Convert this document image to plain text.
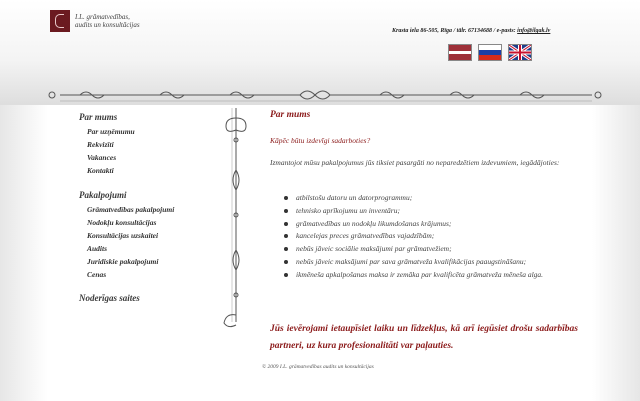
I.L. grāmatvedības,
audits un konsultācijas
Krasta iela 86-505, Rīga / tālr. 67134688 / e-pasts: info@ilgak.lv
Par mums
Par uzņēmumu
Rekvizīti
Vakances
Kontakti
Pakalpojumi
Grāmatvedības pakalpojumi
Nodokļu konsultācijas
Konsultācijas uzskaitei
Audits
Juridiskie pakalpojumi
Cenas
Noderīgas saites
Par mums
Kāpēc būtu izdevīgi sadarboties?
Izmantojot mūsu pakalpojumus jūs tiksiet pasargāti no neparedzētiem izdevumiem, iegādājoties:
atbilstošu datoru un datorprogrammu;
tehnisko aprīkojumu un inventāru;
grāmatvedības un nodokļu likumdošanas krājumus;
kancelejas preces grāmatvedības vajadzībām;
nebūs jāveic sociālie maksājumi par grāmatvežiem;
nebūs jāveic maksājumi par sava grāmatveža kvalifikācijas paaugstināšanu;
ikmēneša apkalpošanas maksa ir zemāka par kvalificēta grāmatveža mēneša alga.
Jūs ievērojami ietaupīsiet laiku un līdzekļus, kā arī iegūsiet drošu sadarbības partneri, uz kura profesionalitāti var paļauties.
© 2009 I.L. grāmatvedības audits un konsultācijas
